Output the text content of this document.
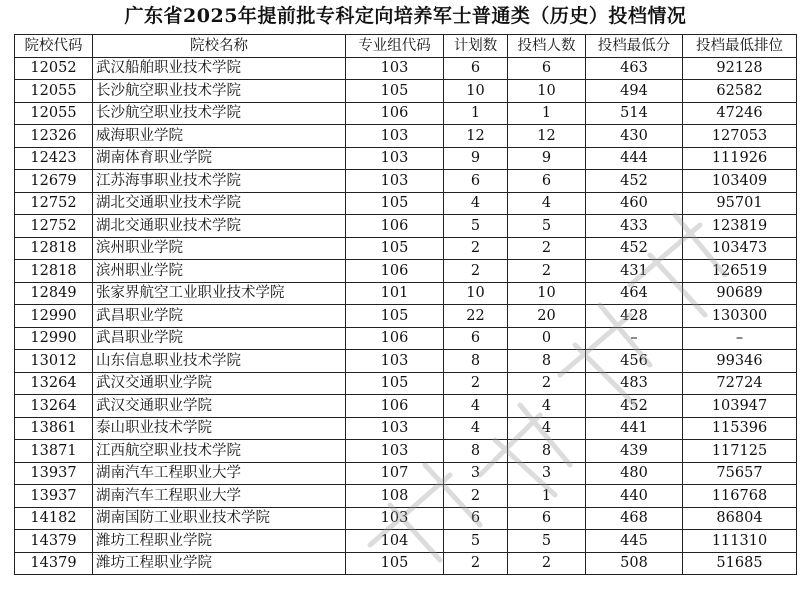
广东省2025年提前批专科定向培养军士普通类（历史）投档情况
院校代码	院校名称	专业组代码	计划数	投档人数	投档最低分	投档最低排位
12052	武汉船舶职业技术学院	103	6	6	463	92128
12055	长沙航空职业技术学院	105	10	10	494	62582
12055	长沙航空职业技术学院	106	1	1	514	47246
12326	威海职业学院	103	12	12	430	127053
12423	湖南体育职业学院	103	9	9	444	111926
12679	江苏海事职业技术学院	103	6	6	452	103409
12752	湖北交通职业技术学院	105	4	4	460	95701
12752	湖北交通职业技术学院	106	5	5	433	123819
12818	滨州职业学院	105	2	2	452	103473
12818	滨州职业学院	106	2	2	431	126519
12849	张家界航空工业职业技术学院	101	10	10	464	90689
12990	武昌职业学院	105	22	20	428	130300
12990	武昌职业学院	106	6	0	–	–
13012	山东信息职业技术学院	103	8	8	456	99346
13264	武汉交通职业学院	105	2	2	483	72724
13264	武汉交通职业学院	106	4	4	452	103947
13861	泰山职业技术学院	103	4	4	441	115396
13871	江西航空职业技术学院	103	8	8	439	117125
13937	湖南汽车工程职业大学	107	3	3	480	75657
13937	湖南汽车工程职业大学	108	2	1	440	116768
14182	湖南国防工业职业技术学院	103	6	6	468	86804
14379	潍坊工程职业学院	104	5	5	445	111310
14379	潍坊工程职业学院	105	2	2	508	51685
